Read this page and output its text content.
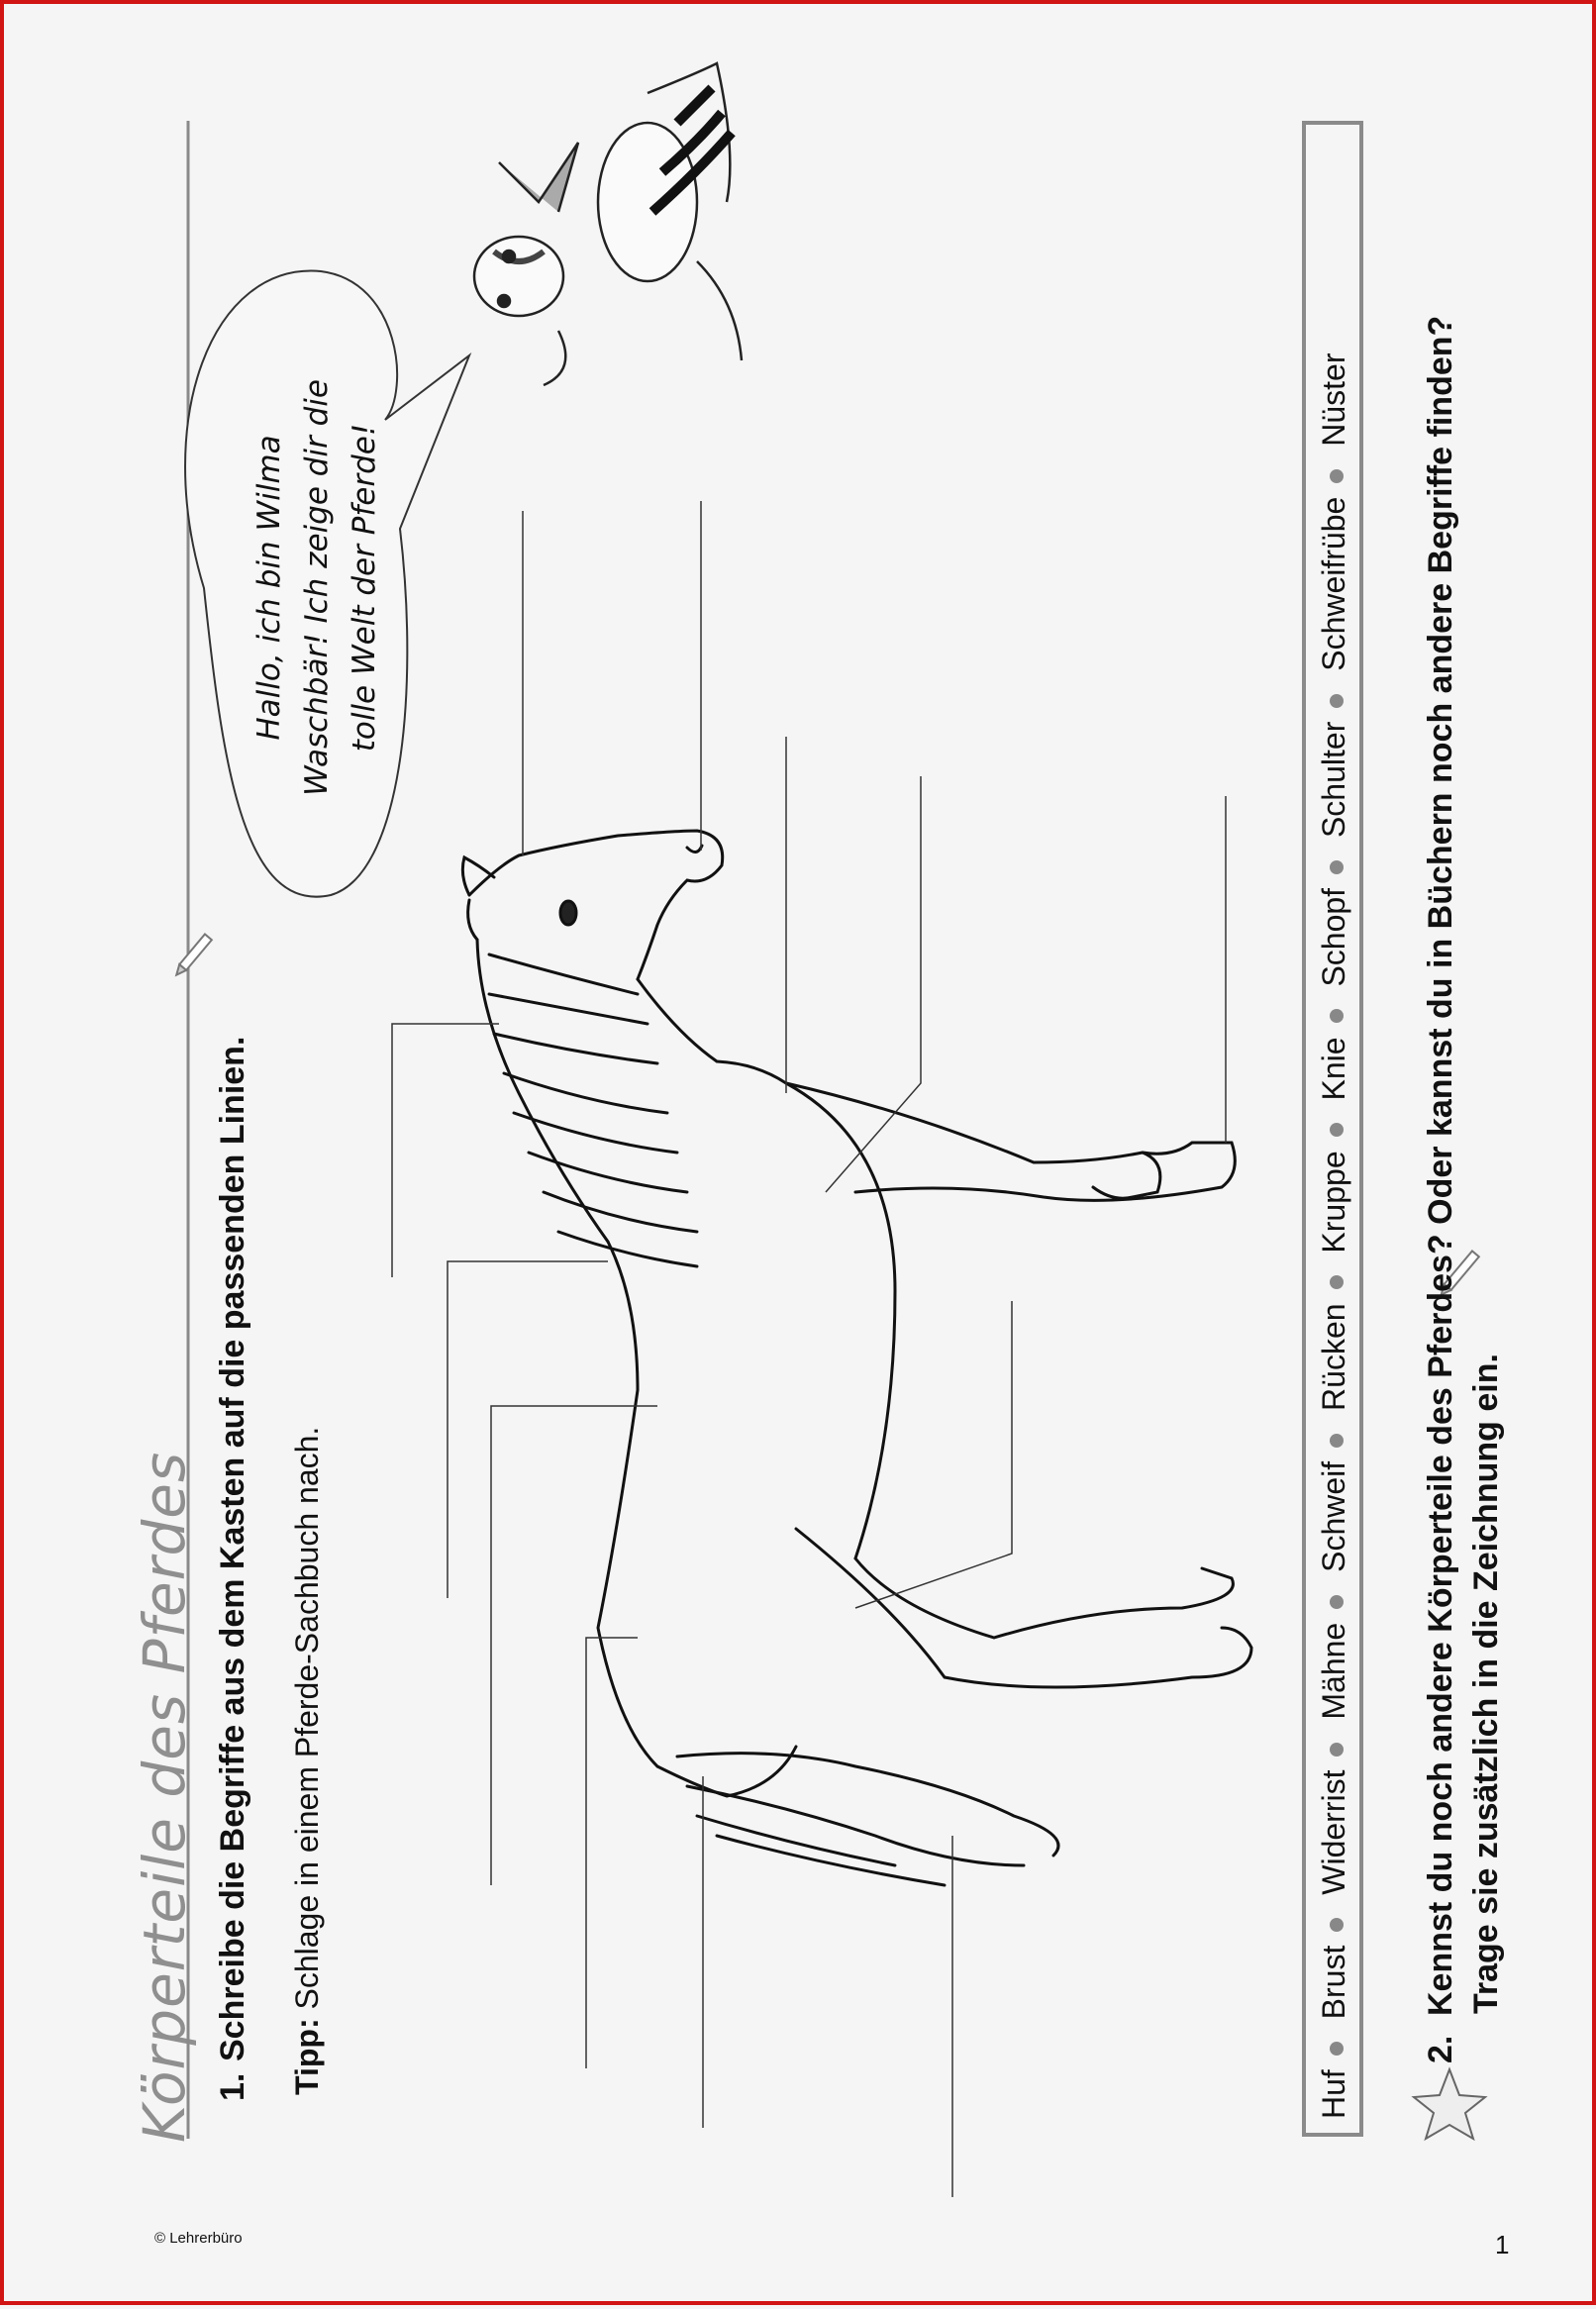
Körperteile des Pferdes 1.Schreibe die Begriffe aus dem Kasten auf die passenden Linien. Tipp: Schlage in einem Pferde-Sachbuch nach.
Hallo, ich bin Wilma Waschbär! Ich zeige dir die tolle Welt der Pferde!
Huf Brust Widerrist Mähne Schweif Rücken Kruppe Knie Schopf Schulter Schweifrübe Nüster
2.Kennst du noch andere Körperteile des Pferdes? Oder kannst du in Büchern noch andere Begriffe finden? Trage sie zusätzlich in die Zeichnung ein.
© Lehrerbüro	1
